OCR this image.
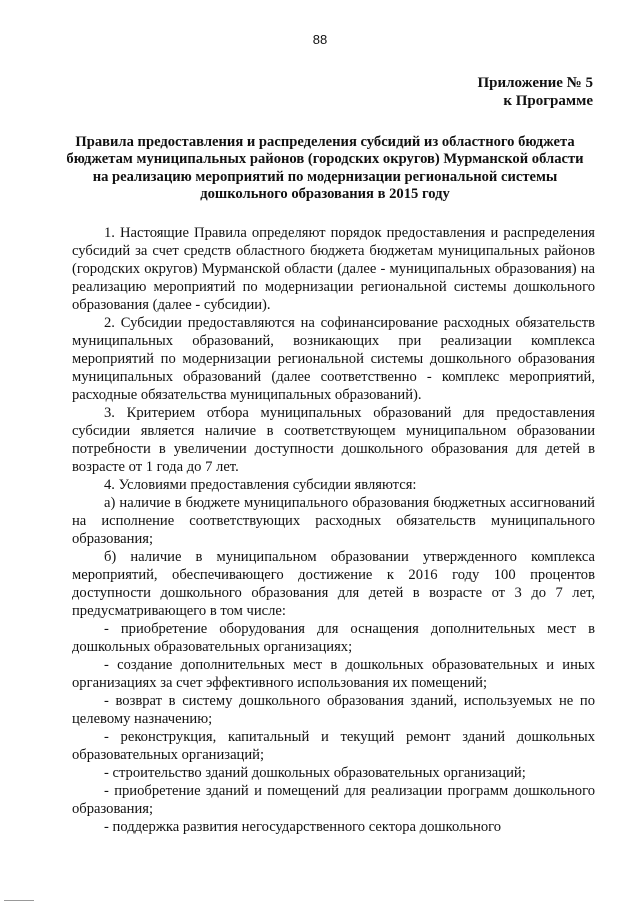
88
Приложение № 5
к Программе
Правила предоставления и распределения субсидий из областного бюджета бюджетам муниципальных районов (городских округов) Мурманской области на реализацию мероприятий по модернизации региональной системы дошкольного образования в 2015 году

1. Настоящие Правила определяют порядок предоставления и распределения субсидий за счет средств областного бюджета бюджетам муниципальных районов (городских округов) Мурманской области (далее - муниципальных образования) на реализацию мероприятий по модернизации региональной системы дошкольного образования (далее - субсидии).

2. Субсидии предоставляются на софинансирование расходных обязательств муниципальных образований, возникающих при реализации комплекса мероприятий по модернизации региональной системы дошкольного образования муниципальных образований (далее соответственно - комплекс мероприятий, расходные обязательства муниципальных образований).

3. Критерием отбора муниципальных образований для предоставления субсидии является наличие в соответствующем муниципальном образовании потребности в увеличении доступности дошкольного образования для детей в возрасте от 1 года до 7 лет.

4. Условиями предоставления субсидии являются:

а) наличие в бюджете муниципального образования бюджетных ассигнований на исполнение соответствующих расходных обязательств муниципального образования;

б) наличие в муниципальном образовании утвержденного комплекса мероприятий, обеспечивающего достижение к 2016 году 100 процентов доступности дошкольного образования для детей в возрасте от 3 до 7 лет, предусматривающего в том числе:

- приобретение оборудования для оснащения дополнительных мест в дошкольных образовательных организациях;

- создание дополнительных мест в дошкольных образовательных и иных организациях за счет эффективного использования их помещений;

- возврат в систему дошкольного образования зданий, используемых не по целевому назначению;

- реконструкция, капитальный и текущий ремонт зданий дошкольных образовательных организаций;

- строительство зданий дошкольных образовательных организаций;

- приобретение зданий и помещений для реализации программ дошкольного образования;

- поддержка развития негосударственного сектора дошкольного
